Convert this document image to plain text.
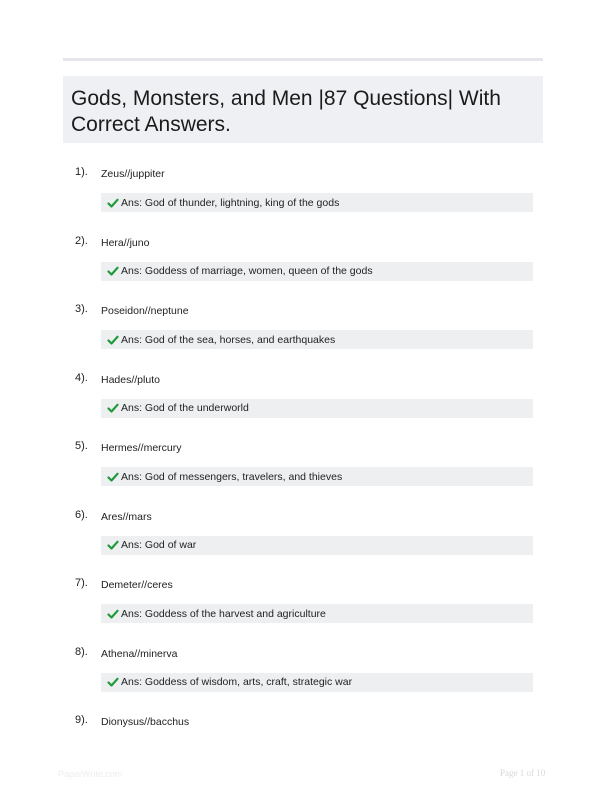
Gods, Monsters, and Men |87 Questions| With Correct Answers.
1). Zeus//juppiter
Ans: God of thunder, lightning, king of the gods
2). Hera//juno
Ans: Goddess of marriage, women, queen of the gods
3). Poseidon//neptune
Ans: God of the sea, horses, and earthquakes
4). Hades//pluto
Ans: God of the underworld
5). Hermes//mercury
Ans: God of messengers, travelers, and thieves
6). Ares//mars
Ans: God of war
7). Demeter//ceres
Ans: Goddess of the harvest and agriculture
8). Athena//minerva
Ans: Goddess of wisdom, arts, craft, strategic war
9). Dionysus//bacchus
PaperWrite.com	Page 1 of 10
